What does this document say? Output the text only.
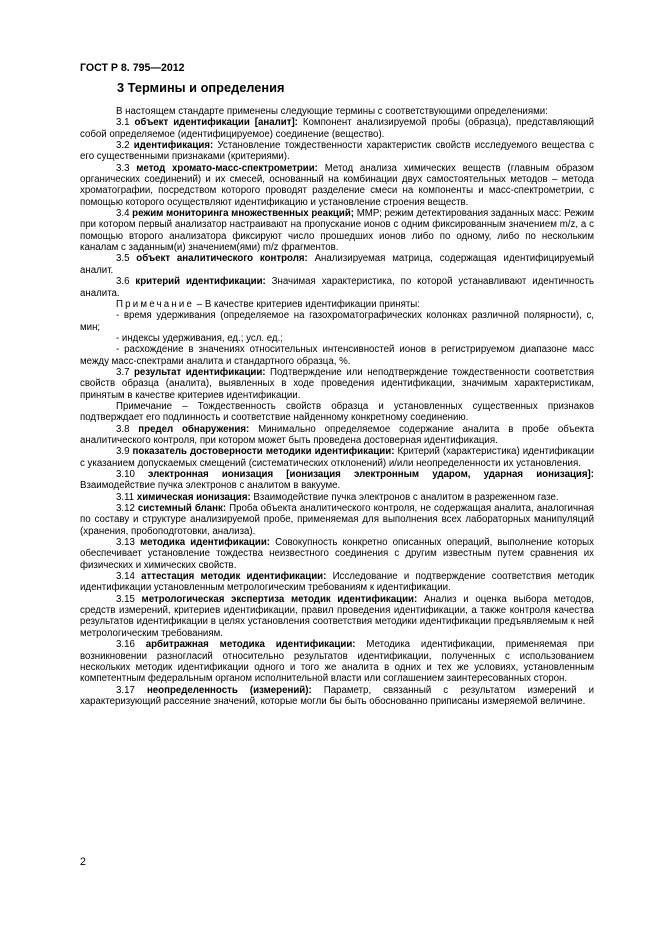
ГОСТ Р 8. 795—2012
3 Термины и определения

В настоящем стандарте применены следующие термины с соответствующими определениями:

3.1 объект идентификации [аналит]: Компонент анализируемой пробы (образца), представляющий собой определяемое (идентифицируемое) соединение (вещество).

3.2 идентификация: Установление тождественности характеристик свойств исследуемого вещества с его существенными признаками (критериями).

3.3 метод хромато-масс-спектрометрии: Метод анализа химических веществ (главным образом органических соединений) и их смесей, основанный на комбинации двух самостоятельных методов – метода хроматографии, посредством которого проводят разделение смеси на компоненты и масс-спектрометрии, с помощью которого осуществляют идентификацию и установление строения веществ.

3.4 режим мониторинга множественных реакций; ММР; режим детектирования заданных масс: Режим при котором первый анализатор настраивают на пропускание ионов с одним фиксированным значением m/z, а с помощью второго анализатора фиксируют число прошедших ионов либо по одному, либо по нескольким каналам с заданным(и) значением(ями) m/z фрагментов.

3.5 объект аналитического контроля: Анализируемая матрица, содержащая идентифицируемый аналит.

3.6 критерий идентификации: Значимая характеристика, по которой устанавливают идентичность аналита.

Примечание – В качестве критериев идентификации приняты:

- время удерживания (определяемое на газохроматографических колонках различной полярности), с, мин;

- индексы удерживания, ед.; усл. ед.;

- расхождение в значениях относительных интенсивностей ионов в регистрируемом диапазоне масс между масс-спектрами аналита и стандартного образца, %.

3.7 результат идентификации: Подтверждение или неподтверждение тождественности соответствия свойств образца (аналита), выявленных в ходе проведения идентификации, значимым характеристикам, принятым в качестве критериев идентификации.

Примечание – Тождественность свойств образца и установленных существенных признаков подтверждает его подлинность и соответствие найденному конкретному соединению.

3.8 предел обнаружения: Минимально определяемое содержание аналита в пробе объекта аналитического контроля, при котором может быть проведена достоверная идентификация.

3.9 показатель достоверности методики идентификации: Критерий (характеристика) идентификации с указанием допускаемых смещений (систематических отклонений) и/или неопределенности их установления.

3.10 электронная ионизация [ионизация электронным ударом, ударная ионизация]: Взаимодействие пучка электронов с аналитом в вакууме.

3.11 химическая ионизация: Взаимодействие пучка электронов с аналитом в разреженном газе.

3.12 системный бланк: Проба объекта аналитического контроля, не содержащая аналита, аналогичная по составу и структуре анализируемой пробе, применяемая для выполнения всех лабораторных манипуляций (хранения, пробоподготовки, анализа).

3.13 методика идентификации: Совокупность конкретно описанных операций, выполнение которых обеспечивает установление тождества неизвестного соединения с другим известным путем сравнения их физических и химических свойств.

3.14 аттестация методик идентификации: Исследование и подтверждение соответствия методик идентификации установленным метрологическим требованиям к идентификации.

3.15 метрологическая экспертиза методик идентификации: Анализ и оценка выбора методов, средств измерений, критериев идентификации, правил проведения идентификации, а также контроля качества результатов идентификации в целях установления соответствия методики идентификации предъявляемым к ней метрологическим требованиям.

3.16 арбитражная методика идентификации: Методика идентификации, применяемая при возникновении разногласий относительно результатов идентификации, полученных с использованием нескольких методик идентификации одного и того же аналита в одних и тех же условиях, установленным компетентным федеральным органом исполнительной власти или соглашением заинтересованных сторон.

3.17 неопределенность (измерений): Параметр, связанный с результатом измерений и характеризующий рассеяние значений, которые могли бы быть обоснованно приписаны измеряемой величине.

2
